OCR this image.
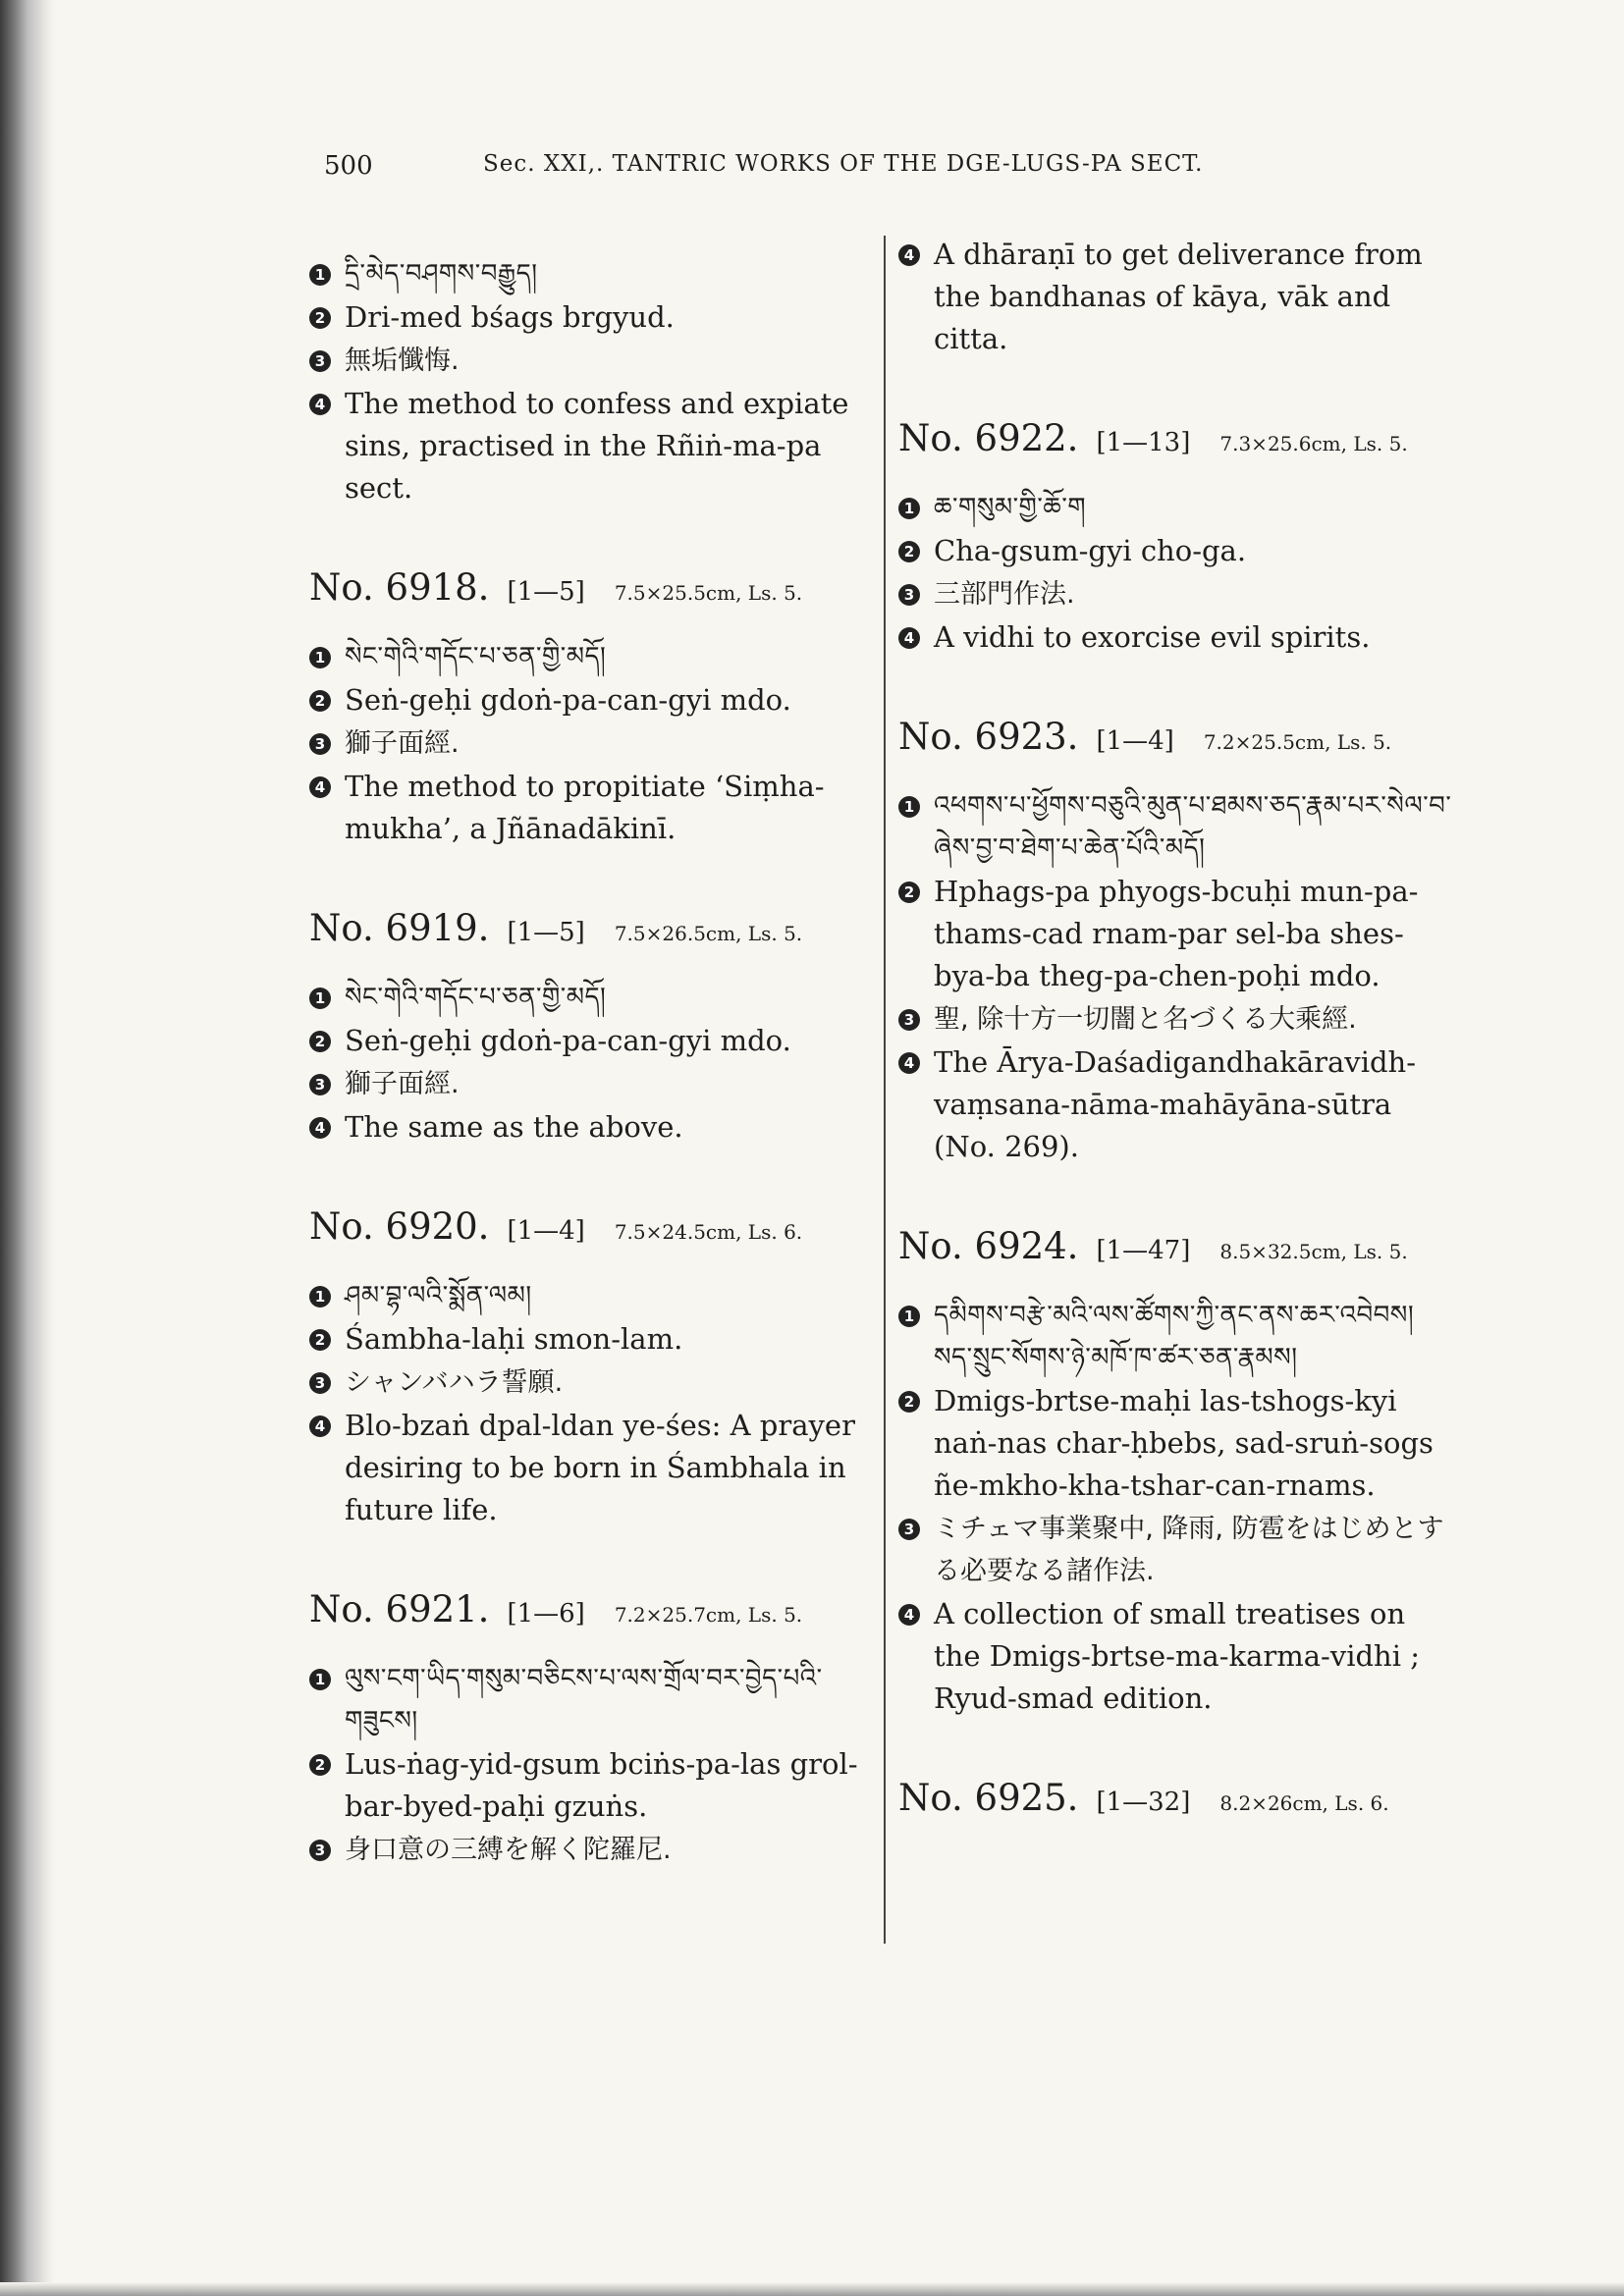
500	Sec. XXI,. TANTRIC WORKS OF THE DGE-LUGS-PA SECT.
1 དྲི་མེད་བཤགས་བརྒྱུད།
2 Dri-med bśags brgyud.
3 無垢懺悔.
4 The method to confess and expiate sins, practised in the Rñiṅ-ma-pa sect.
No. 6918. [1—5] 7.5×25.5cm, Ls. 5.
1 སེང་གེའི་གདོང་པ་ཅན་གྱི་མདོ།
2 Seṅ-geḥi gdoṅ-pa-can-gyi mdo.
3 獅子面經.
4 The method to propitiate ‘Siṃha-mukha’, a Jñānadākinī.
No. 6919. [1—5] 7.5×26.5cm, Ls. 5.
1 སེང་གེའི་གདོང་པ་ཅན་གྱི་མདོ།
2 Seṅ-geḥi gdoṅ-pa-can-gyi mdo.
3 獅子面經.
4 The same as the above.
No. 6920. [1—4] 7.5×24.5cm, Ls. 6.
1 ཤམ་བྷ་ལའི་སྨོན་ལམ།
2 Śambha-laḥi smon-lam.
3 シャンバハラ誓願.
4 Blo-bzaṅ dpal-ldan ye-śes: A prayer desiring to be born in Śambhala in future life.
No. 6921. [1—6] 7.2×25.7cm, Ls. 5.
1 ལུས་ངག་ཡིད་གསུམ་བཅིངས་པ་ལས་གྲོལ་བར་བྱེད་པའི་གཟུངས།
2 Lus-ṅag-yid-gsum bciṅs-pa-las grol-bar-byed-paḥi gzuṅs.
3 身口意の三縛を解く陀羅尼.
4 A dhāraṇī to get deliverance from the bandhanas of kāya, vāk and citta.
No. 6922. [1—13] 7.3×25.6cm, Ls. 5.
1 ཆ་གསུམ་གྱི་ཆོ་ག
2 Cha-gsum-gyi cho-ga.
3 三部門作法.
4 A vidhi to exorcise evil spirits.
No. 6923. [1—4] 7.2×25.5cm, Ls. 5.
1 འཕགས་པ་ཕྱོགས་བཅུའི་མུན་པ་ཐམས་ཅད་རྣམ་པར་སེལ་བ་ཞེས་བྱ་བ་ཐེག་པ་ཆེན་པོའི་མདོ།
2 Hphags-pa phyogs-bcuḥi mun-pa-thams-cad rnam-par sel-ba shes-bya-ba theg-pa-chen-poḥi mdo.
3 聖, 除十方一切闇と名づくる大乘經.
4 The Ārya-Daśadigandhakāravidh-vaṃsana-nāma-mahāyāna-sūtra (No. 269).
No. 6924. [1—47] 8.5×32.5cm, Ls. 5.
1 དམིགས་བརྩེ་མའི་ལས་ཚོགས་ཀྱི་ནང་ནས་ཆར་འབེབས། སད་སྲུང་སོགས་ཉེ་མཁོ་ཁ་ཚར་ཅན་རྣམས།
2 Dmigs-brtse-maḥi las-tshogs-kyi naṅ-nas char-ḥbebs, sad-sruṅ-sogs ñe-mkho-kha-tshar-can-rnams.
3 ミチェマ事業聚中, 降雨, 防雹をはじめとする必要なる諸作法.
4 A collection of small treatises on the Dmigs-brtse-ma-karma-vidhi ; Ryud-smad edition.
No. 6925. [1—32] 8.2×26cm, Ls. 6.
